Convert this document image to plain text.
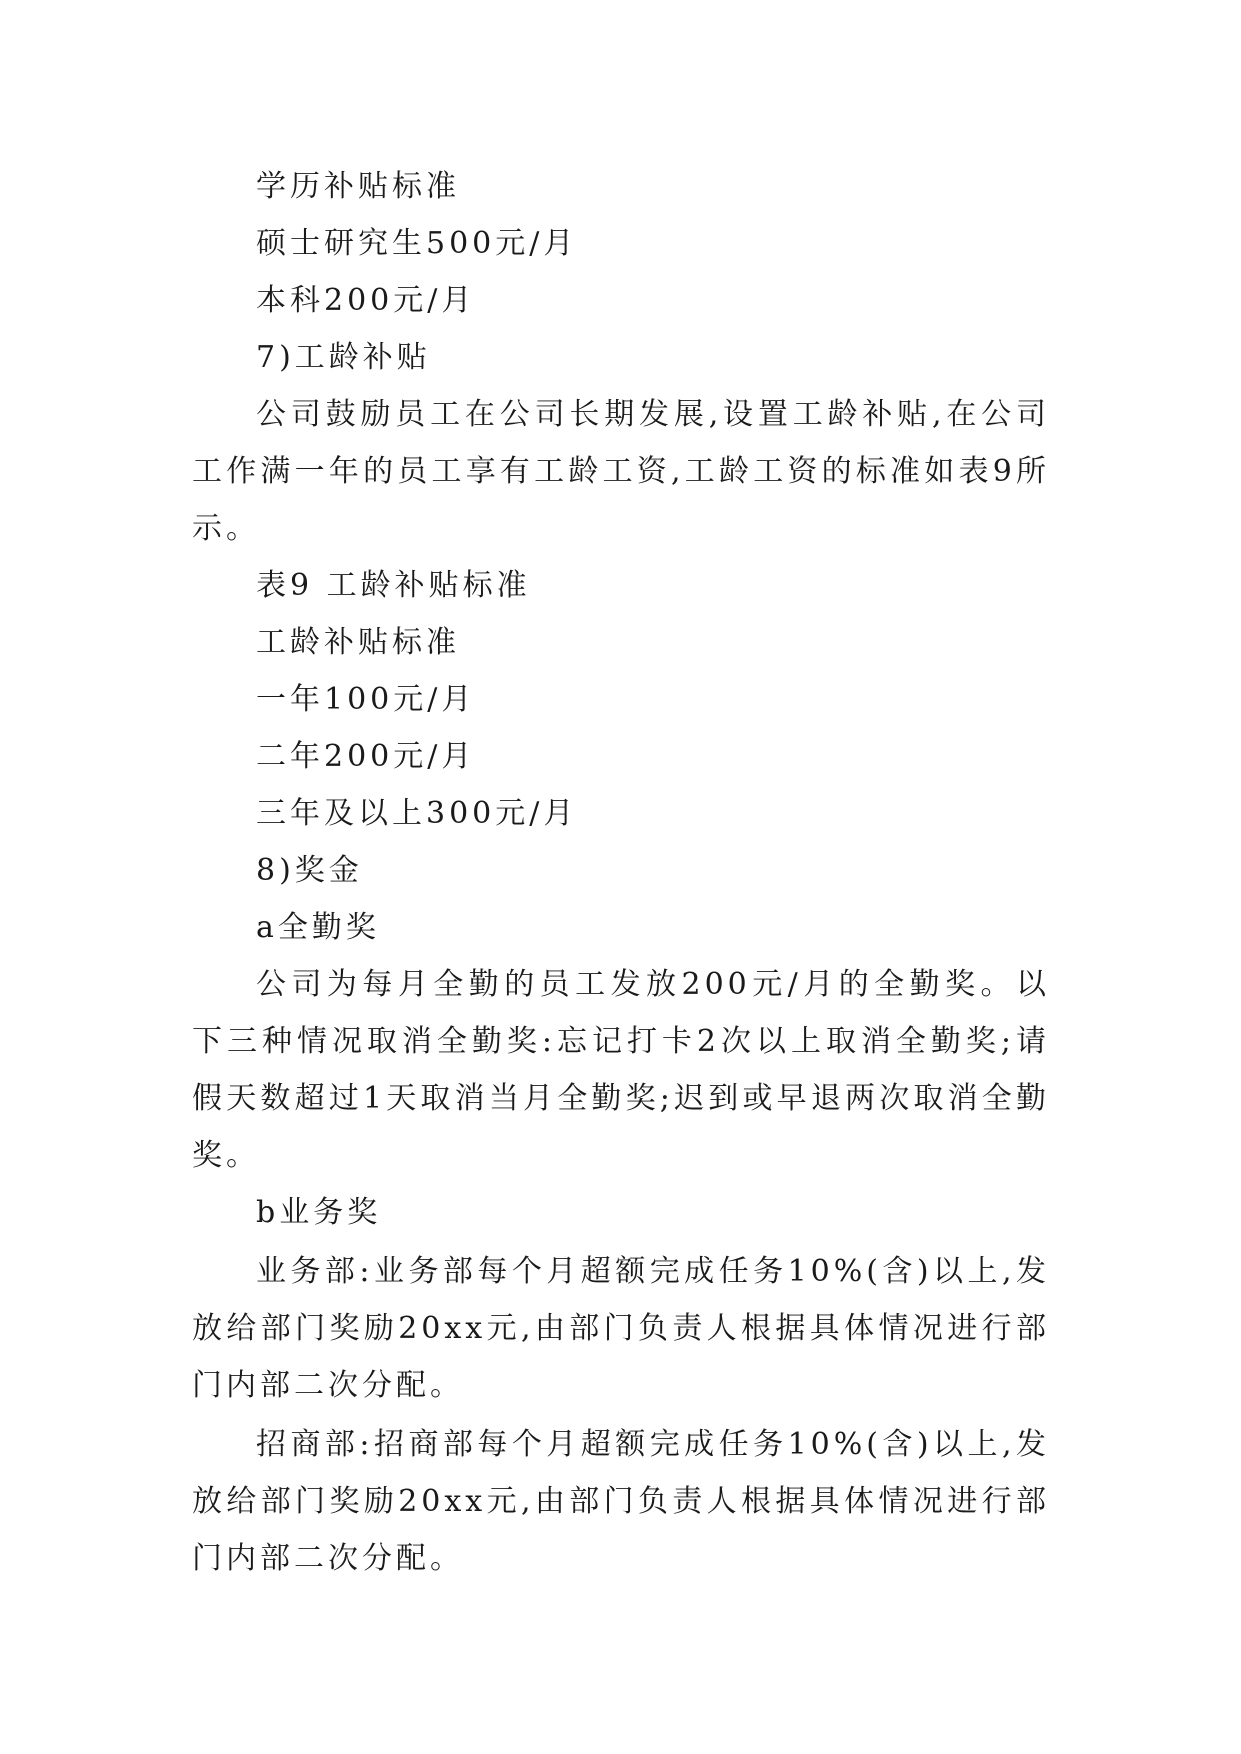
学历补贴标准

硕士研究生500元/月

本科200元/月

7)工龄补贴

公司鼓励员工在公司长期发展,设置工龄补贴,在公司工作满一年的员工享有工龄工资,工龄工资的标准如表9所示。

表9 工龄补贴标准

工龄补贴标准

一年100元/月

二年200元/月

三年及以上300元/月

8)奖金

a全勤奖

公司为每月全勤的员工发放200元/月的全勤奖。以下三种情况取消全勤奖:忘记打卡2次以上取消全勤奖;请假天数超过1天取消当月全勤奖;迟到或早退两次取消全勤奖。

b业务奖

业务部:业务部每个月超额完成任务10%(含)以上,发放给部门奖励20xx元,由部门负责人根据具体情况进行部门内部二次分配。

招商部:招商部每个月超额完成任务10%(含)以上,发放给部门奖励20xx元,由部门负责人根据具体情况进行部门内部二次分配。
